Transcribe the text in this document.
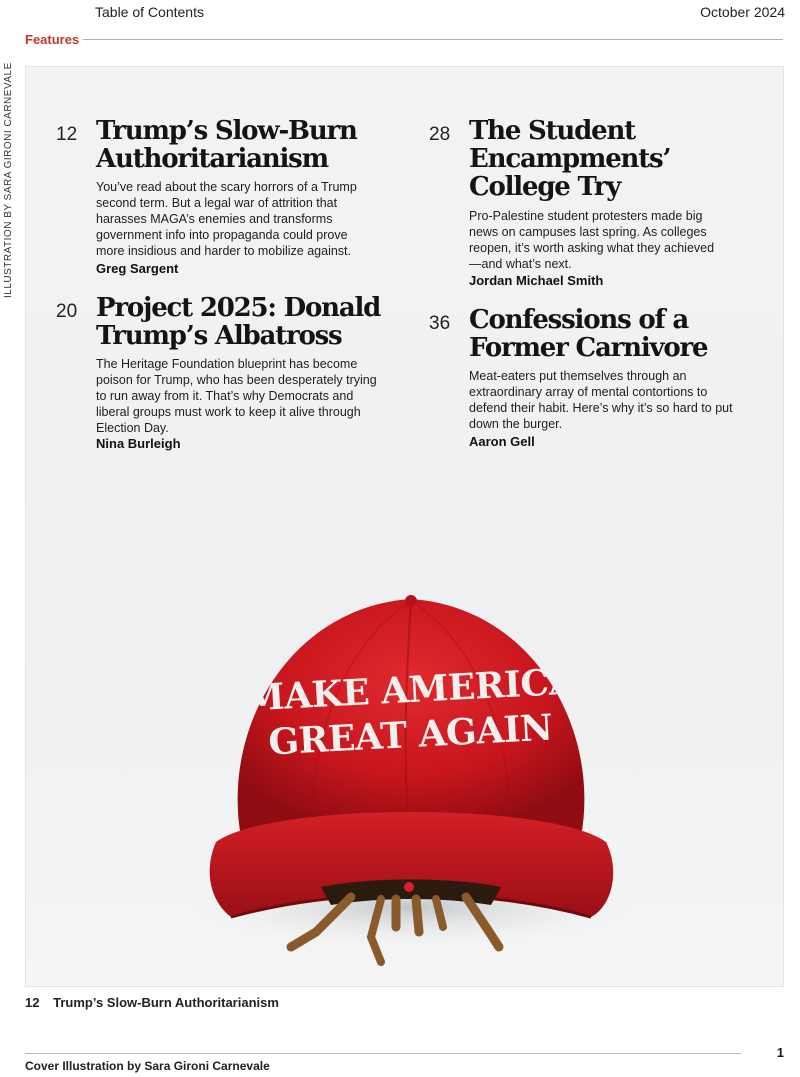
Table of Contents	October 2024
Features
ILLUSTRATION BY SARA GIRONI CARNEVALE 12 Trump’s Slow-Burn Authoritarianism

You’ve read about the scary horrors of a Trump second term. But a legal war of attrition that harasses MAGA’s enemies and transforms government info into propaganda could prove more insidious and harder to mobilize against.

Greg Sargent
20 Project 2025: Donald Trump’s Albatross

The Heritage Foundation blueprint has become poison for Trump, who has been desperately trying to run away from it. That’s why Democrats and liberal groups must work to keep it alive through Election Day.

Nina Burleigh
28 The Student Encampments’ College Try

Pro-Palestine student protesters made big news on campuses last spring. As colleges reopen, it’s worth asking what they achieved—and what’s next.

Jordan Michael Smith
36 Confessions of a Former Carnivore

Meat-eaters put themselves through an extraordinary array of mental contortions to defend their habit. Here’s why it’s so hard to put down the burger.

Aaron Gell
MAKE AMERICA
GREAT AGAIN
12 Trump’s Slow-Burn Authoritarianism
1
Cover Illustration by Sara Gironi Carnevale
